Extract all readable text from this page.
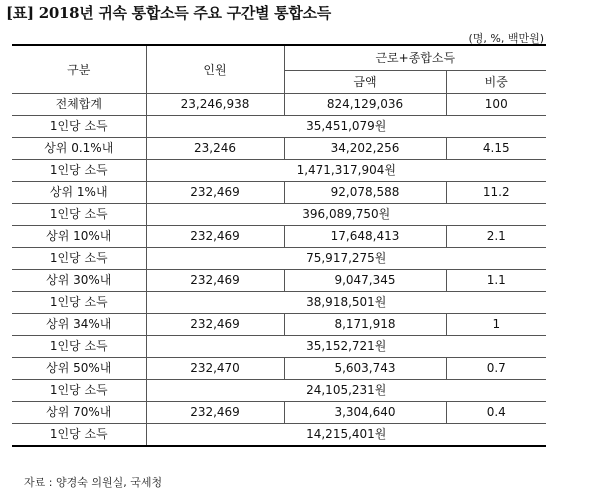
[표] 2018년 귀속 통합소득 주요 구간별 통합소득
(명, %, 백만원)
구분	인원	근로+종합소득	
		금액	비중
전체합계	23,246,938	824,129,036	100
1인당 소득	35,451,079원		
상위 0.1%내	23,246	34,202,256	4.15
1인당 소득	1,471,317,904원		
상위 1%내	232,469	92,078,588	11.2
1인당 소득	396,089,750원		
상위 10%내	232,469	17,648,413	2.1
1인당 소득	75,917,275원		
상위 30%내	232,469	9,047,345	1.1
1인당 소득	38,918,501원		
상위 34%내	232,469	8,171,918	1
1인당 소득	35,152,721원		
상위 50%내	232,470	5,603,743	0.7
1인당 소득	24,105,231원		
상위 70%내	232,469	3,304,640	0.4
1인당 소득	14,215,401원		
자료 : 양경숙 의원실, 국세청
